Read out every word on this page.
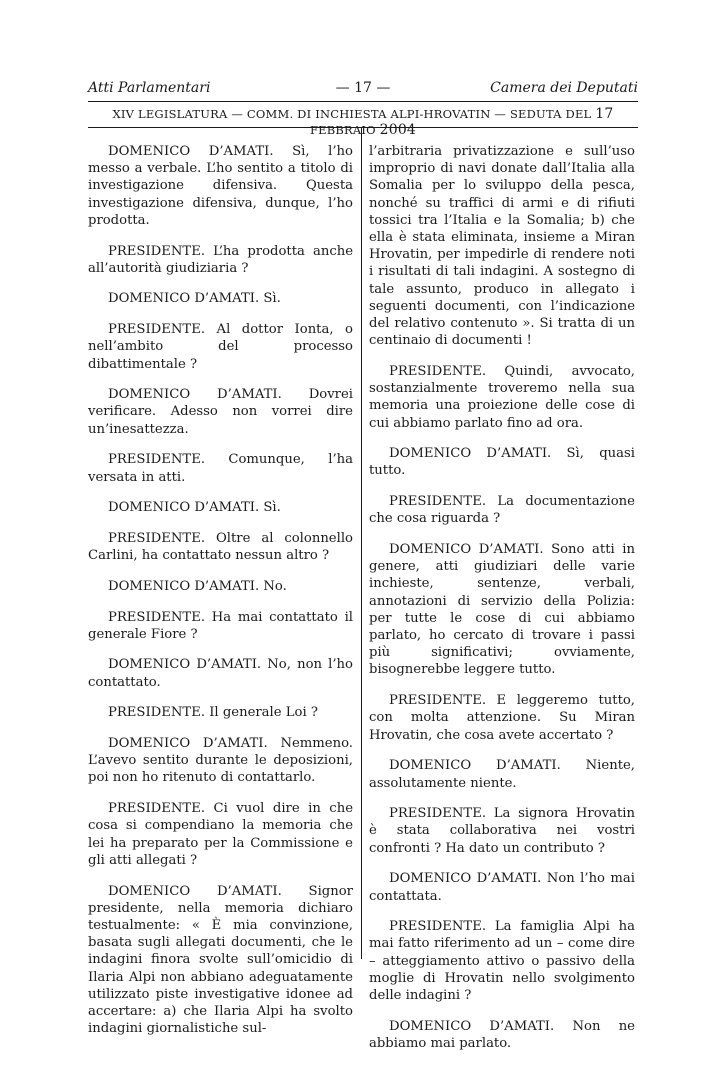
Atti Parlamentari	— 17 —	Camera dei Deputati
XIV LEGISLATURA — COMM. DI INCHIESTA ALPI-HROVATIN — SEDUTA DEL 17 FEBBRAIO 2004

DOMENICO D’AMATI. Sì, l’ho messo a verbale. L’ho sentito a titolo di investigazione difensiva. Questa investigazione difensiva, dunque, l’ho prodotta.

PRESIDENTE. L’ha prodotta anche all’autorità giudiziaria ?

DOMENICO D’AMATI. Sì.

PRESIDENTE. Al dottor Ionta, o nell’ambito del processo dibattimentale ?

DOMENICO D’AMATI. Dovrei verificare. Adesso non vorrei dire un’inesattezza.

PRESIDENTE. Comunque, l’ha versata in atti.

DOMENICO D’AMATI. Sì.

PRESIDENTE. Oltre al colonnello Carlini, ha contattato nessun altro ?

DOMENICO D’AMATI. No.

PRESIDENTE. Ha mai contattato il generale Fiore ?

DOMENICO D’AMATI. No, non l’ho contattato.

PRESIDENTE. Il generale Loi ?

DOMENICO D’AMATI. Nemmeno. L’avevo sentito durante le deposizioni, poi non ho ritenuto di contattarlo.

PRESIDENTE. Ci vuol dire in che cosa si compendiano la memoria che lei ha preparato per la Commissione e gli atti allegati ?

DOMENICO D’AMATI. Signor presidente, nella memoria dichiaro testualmente: « È mia convinzione, basata sugli allegati documenti, che le indagini finora svolte sull’omicidio di Ilaria Alpi non abbiano adeguatamente utilizzato piste investigative idonee ad accertare: a) che Ilaria Alpi ha svolto indagini giornalistiche sul-

l’arbitraria privatizzazione e sull’uso improprio di navi donate dall’Italia alla Somalia per lo sviluppo della pesca, nonché su traffici di armi e di rifiuti tossici tra l’Italia e la Somalia; b) che ella è stata eliminata, insieme a Miran Hrovatin, per impedirle di rendere noti i risultati di tali indagini. A sostegno di tale assunto, produco in allegato i seguenti documenti, con l’indicazione del relativo contenuto ». Si tratta di un centinaio di documenti !

PRESIDENTE. Quindi, avvocato, sostanzialmente troveremo nella sua memoria una proiezione delle cose di cui abbiamo parlato fino ad ora.

DOMENICO D’AMATI. Sì, quasi tutto.

PRESIDENTE. La documentazione che cosa riguarda ?

DOMENICO D’AMATI. Sono atti in genere, atti giudiziari delle varie inchieste, sentenze, verbali, annotazioni di servizio della Polizia: per tutte le cose di cui abbiamo parlato, ho cercato di trovare i passi più significativi; ovviamente, bisognerebbe leggere tutto.

PRESIDENTE. E leggeremo tutto, con molta attenzione. Su Miran Hrovatin, che cosa avete accertato ?

DOMENICO D’AMATI. Niente, assolutamente niente.

PRESIDENTE. La signora Hrovatin è stata collaborativa nei vostri confronti ? Ha dato un contributo ?

DOMENICO D’AMATI. Non l’ho mai contattata.

PRESIDENTE. La famiglia Alpi ha mai fatto riferimento ad un – come dire – atteggiamento attivo o passivo della moglie di Hrovatin nello svolgimento delle indagini ?

DOMENICO D’AMATI. Non ne abbiamo mai parlato.
